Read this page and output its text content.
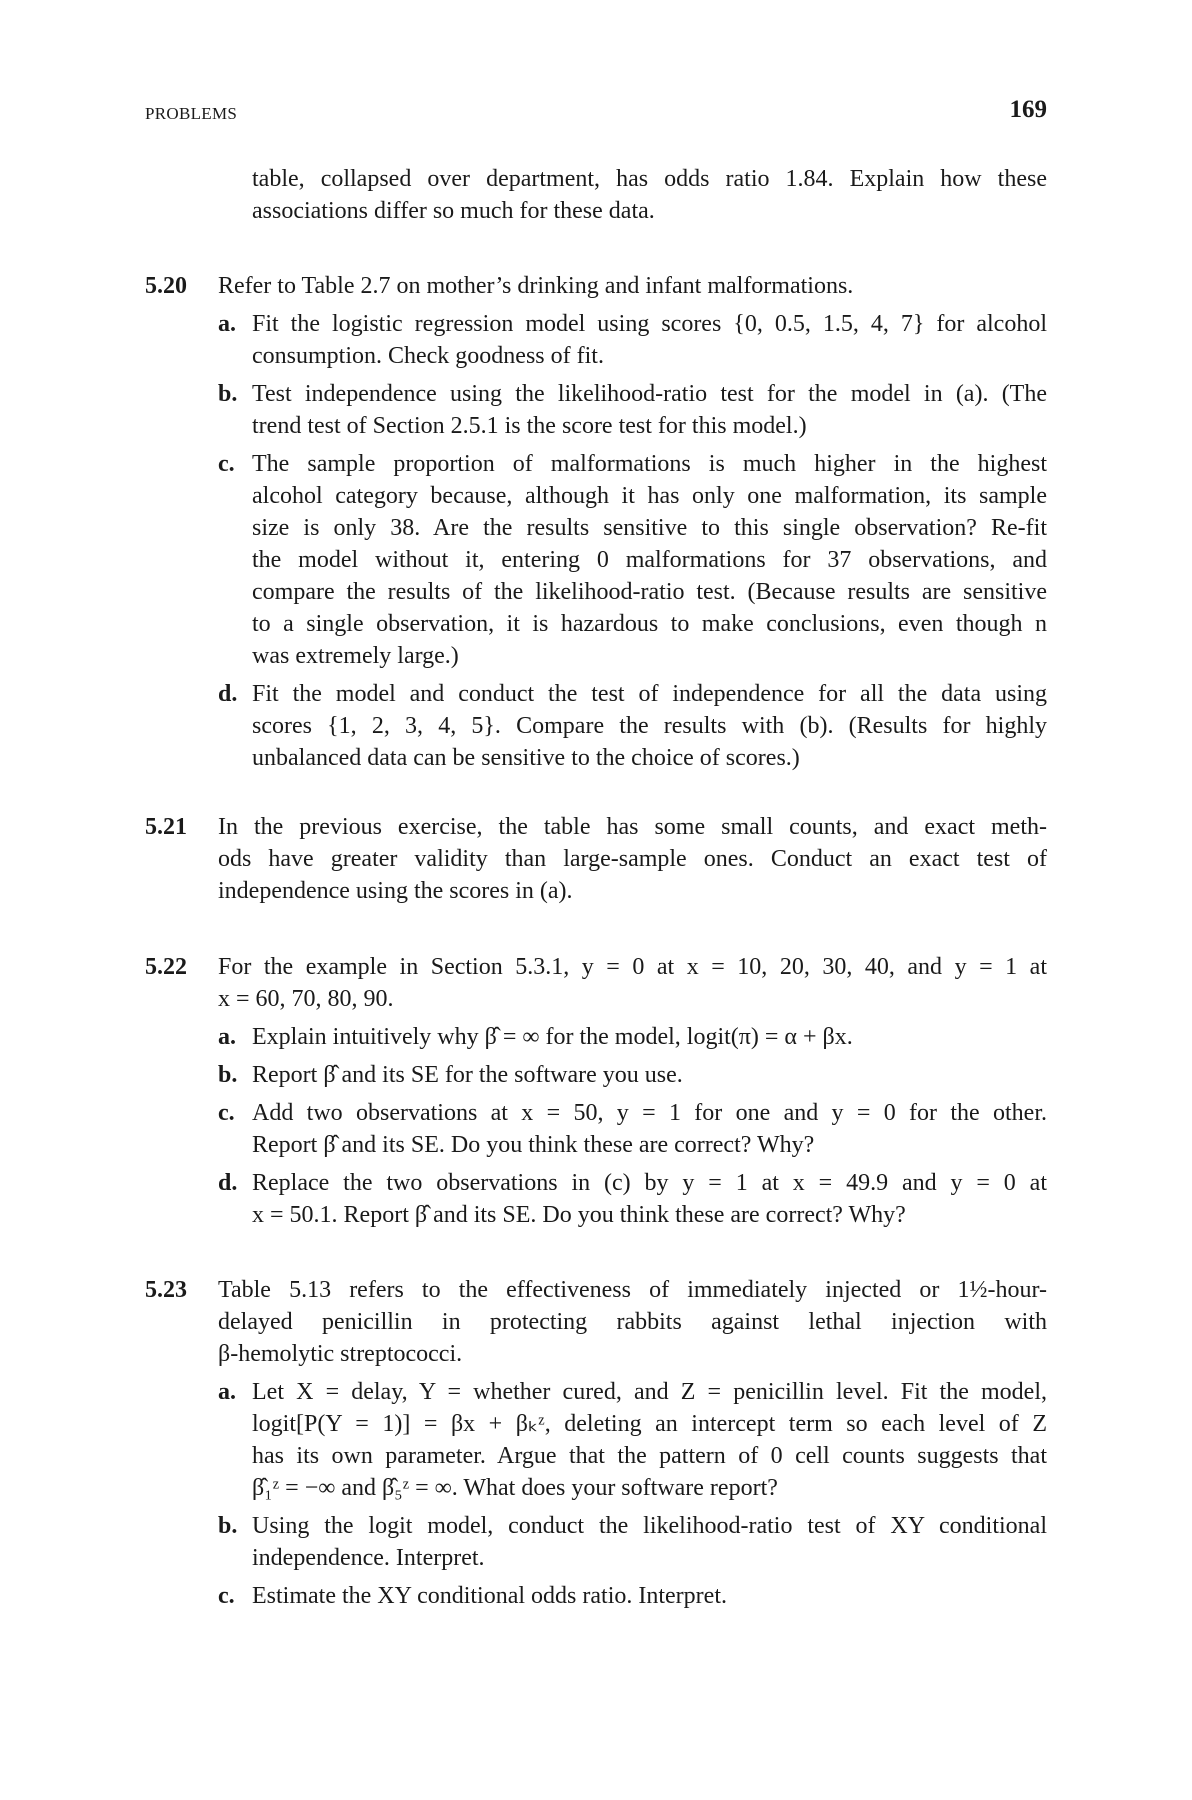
PROBLEMS	169
table, collapsed over department, has odds ratio 1.84. Explain how these
associations differ so much for these data.
5.20 Refer to Table 2.7 on mother’s drinking and infant malformations.
a. Fit the logistic regression model using scores {0, 0.5, 1.5, 4, 7} for alcohol
consumption. Check goodness of fit.
b. Test independence using the likelihood-ratio test for the model in (a). (The
trend test of Section 2.5.1 is the score test for this model.)
c. The sample proportion of malformations is much higher in the highest
alcohol category because, although it has only one malformation, its sample
size is only 38. Are the results sensitive to this single observation? Re-fit
the model without it, entering 0 malformations for 37 observations, and
compare the results of the likelihood-ratio test. (Because results are sensitive
to a single observation, it is hazardous to make conclusions, even though n
was extremely large.)
d. Fit the model and conduct the test of independence for all the data using
scores {1, 2, 3, 4, 5}. Compare the results with (b). (Results for highly
unbalanced data can be sensitive to the choice of scores.)
5.21 In the previous exercise, the table has some small counts, and exact meth-
ods have greater validity than large-sample ones. Conduct an exact test of
independence using the scores in (a).
5.22 For the example in Section 5.3.1, y = 0 at x = 10, 20, 30, 40, and y = 1 at
x = 60, 70, 80, 90.
a. Explain intuitively why β̂ = ∞ for the model, logit(π) = α + βx.
b. Report β̂ and its SE for the software you use.
c. Add two observations at x = 50, y = 1 for one and y = 0 for the other.
Report β̂ and its SE. Do you think these are correct? Why?
d. Replace the two observations in (c) by y = 1 at x = 49.9 and y = 0 at
x = 50.1. Report β̂ and its SE. Do you think these are correct? Why?
5.23 Table 5.13 refers to the effectiveness of immediately injected or 1½-hour-
delayed penicillin in protecting rabbits against lethal injection with
β-hemolytic streptococci.
a. Let X = delay, Y = whether cured, and Z = penicillin level. Fit the model,
logit[P(Y = 1)] = βx + βₖᶻ, deleting an intercept term so each level of Z
has its own parameter. Argue that the pattern of 0 cell counts suggests that
β̂₁ᶻ = −∞ and β̂₅ᶻ = ∞. What does your software report?
b. Using the logit model, conduct the likelihood-ratio test of XY conditional
independence. Interpret.
c. Estimate the XY conditional odds ratio. Interpret.
